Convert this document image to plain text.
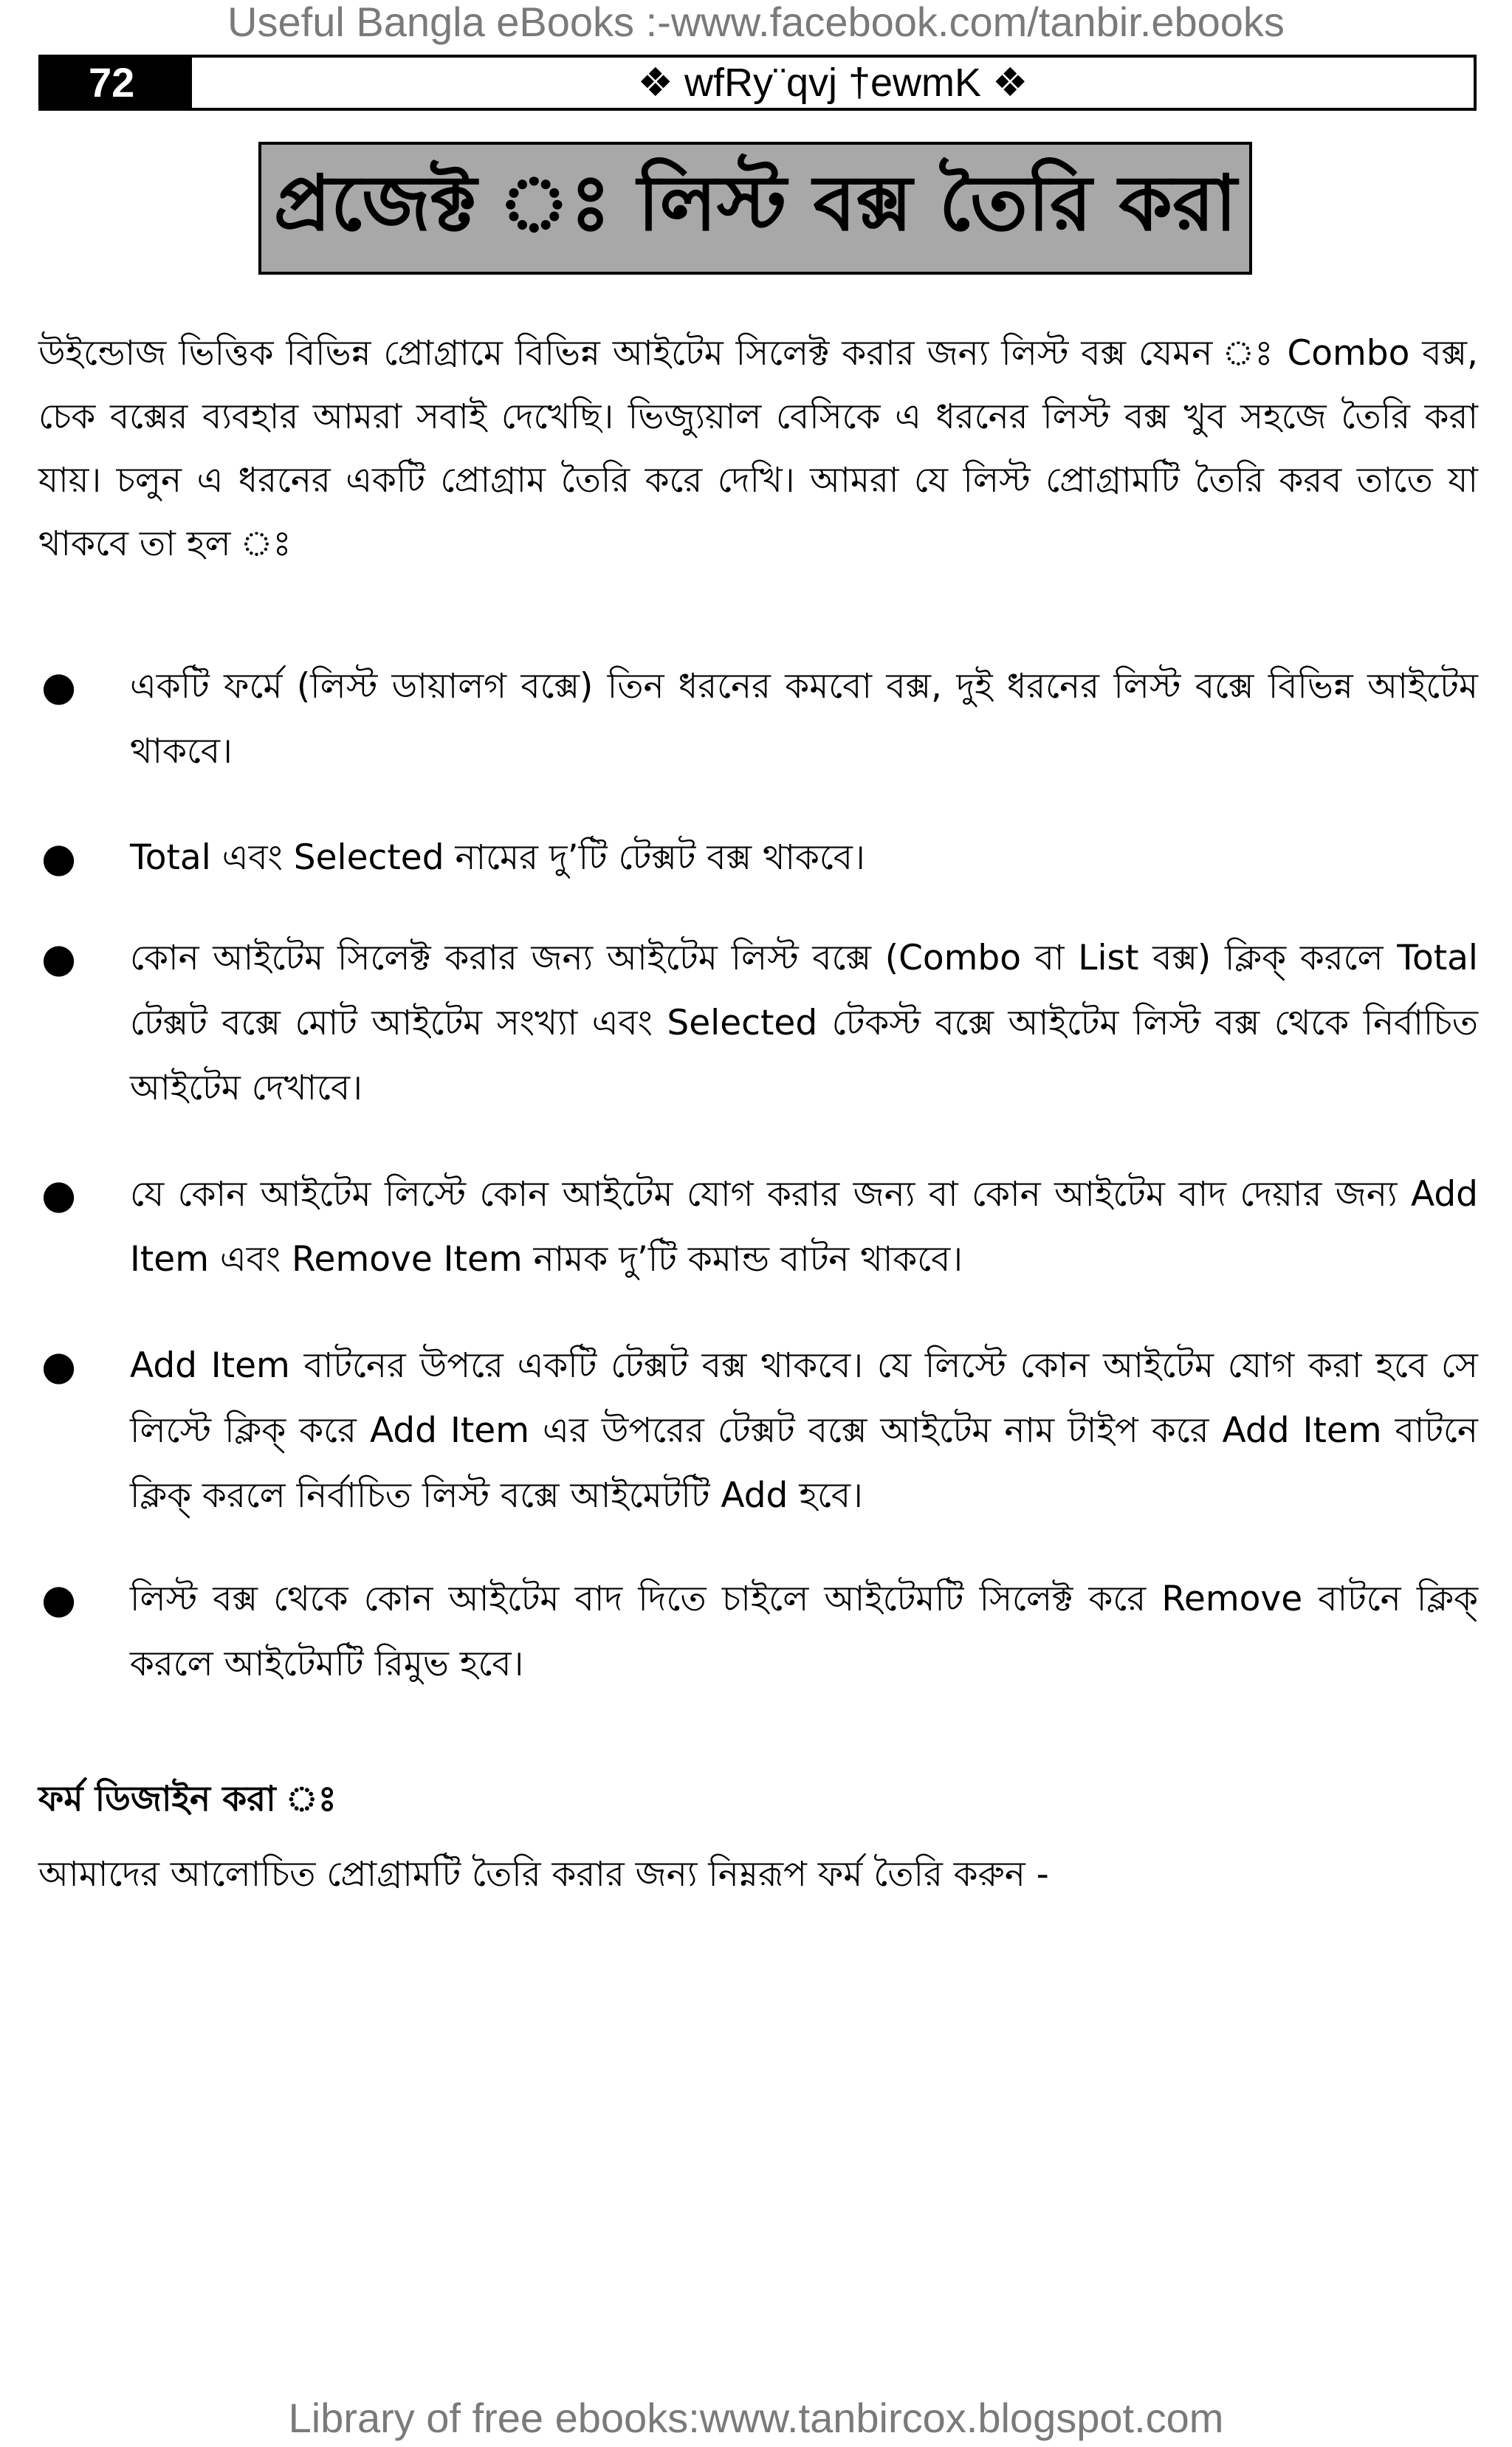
Useful Bangla eBooks :-www.facebook.com/tanbir.ebooks
72	❖ wfRy¨qvj †ewmK ❖
প্রজেক্ট ঃ লিস্ট বক্স তৈরি করা
উইন্ডোজ ভিত্তিক বিভিন্ন প্রোগ্রামে বিভিন্ন আইটেম সিলেক্ট করার জন্য লিস্ট বক্স যেমন ঃ Combo বক্স, চেক বক্সের ব্যবহার আমরা সবাই দেখেছি। ভিজ্যুয়াল বেসিকে এ ধরনের লিস্ট বক্স খুব সহজে তৈরি করা যায়। চলুন এ ধরনের একটি প্রোগ্রাম তৈরি করে দেখি। আমরা যে লিস্ট প্রোগ্রামটি তৈরি করব তাতে যা থাকবে তা হল ঃ
●	একটি ফর্মে (লিস্ট ডায়ালগ বক্সে) তিন ধরনের কমবো বক্স, দুই ধরনের লিস্ট বক্সে বিভিন্ন আইটেম থাকবে।
●	Total এবং Selected নামের দু’টি টেক্সট বক্স থাকবে।
●	কোন আইটেম সিলেক্ট করার জন্য আইটেম লিস্ট বক্সে (Combo বা List বক্স) ক্লিক্ করলে Total টেক্সট বক্সে মোট আইটেম সংখ্যা এবং Selected টেকস্ট বক্সে আইটেম লিস্ট বক্স থেকে নির্বাচিত আইটেম দেখাবে।
●	যে কোন আইটেম লিস্টে কোন আইটেম যোগ করার জন্য বা কোন আইটেম বাদ দেয়ার জন্য Add Item এবং Remove Item নামক দু’টি কমান্ড বাটন থাকবে।
●	Add Item বাটনের উপরে একটি টেক্সট বক্স থাকবে। যে লিস্টে কোন আইটেম যোগ করা হবে সে লিস্টে ক্লিক্ করে Add Item এর উপরের টেক্সট বক্সে আইটেম নাম টাইপ করে Add Item বাটনে ক্লিক্ করলে নির্বাচিত লিস্ট বক্সে আইমেটটি Add হবে।
●	লিস্ট বক্স থেকে কোন আইটেম বাদ দিতে চাইলে আইটেমটি সিলেক্ট করে Remove বাটনে ক্লিক্ করলে আইটেমটি রিমুভ হবে।
ফর্ম ডিজাইন করা ঃ
আমাদের আলোচিত প্রোগ্রামটি তৈরি করার জন্য নিম্নরূপ ফর্ম তৈরি করুন -
Library of free ebooks:www.tanbircox.blogspot.com
